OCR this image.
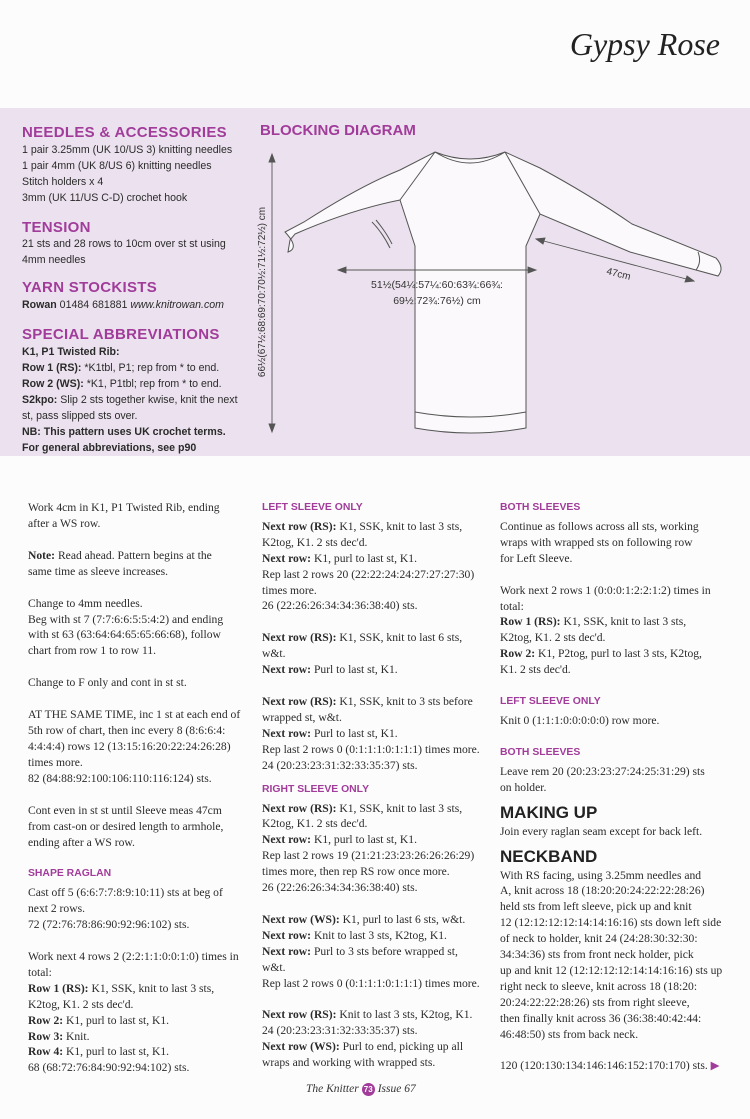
Gypsy Rose
NEEDLES & ACCESSORIES
1 pair 3.25mm (UK 10/US 3) knitting needles
1 pair 4mm (UK 8/US 6) knitting needles
Stitch holders x 4
3mm (UK 11/US C-D) crochet hook
TENSION
21 sts and 28 rows to 10cm over st st using
4mm needles
YARN STOCKISTS
Rowan 01484 681881 www.knitrowan.com
SPECIAL ABBREVIATIONS
K1, P1 Twisted Rib:
Row 1 (RS): *K1tbl, P1; rep from * to end.
Row 2 (WS): *K1, P1tbl; rep from * to end.
S2kpo: Slip 2 sts together kwise, knit the next
st, pass slipped sts over.
NB: This pattern uses UK crochet terms.
For general abbreviations, see p90
BLOCKING DIAGRAM
47cm
51½(54¼:57¼:60:63¾:66¾:
69½:72¾:76½) cm
66½(67½:68:69:70:70½:71½:72½) cm

Work 4cm in K1, P1 Twisted Rib, ending

after a WS row.

Note: Read ahead. Pattern begins at the

same time as sleeve increases.

Change to 4mm needles.

Beg with st 7 (7:7:6:6:5:5:4:2) and ending

with st 63 (63:64:64:65:65:66:68), follow

chart from row 1 to row 11.

Change to F only and cont in st st.

AT THE SAME TIME, inc 1 st at each end of

5th row of chart, then inc every 8 (8:6:6:4:

4:4:4:4) rows 12 (13:15:16:20:22:24:26:28)

times more.

82 (84:88:92:100:106:110:116:124) sts.

Cont even in st st until Sleeve meas 47cm

from cast-on or desired length to armhole,

ending after a WS row.

SHAPE RAGLAN

Cast off 5 (6:6:7:7:8:9:10:11) sts at beg of

next 2 rows.

72 (72:76:78:86:90:92:96:102) sts.

Work next 4 rows 2 (2:2:1:1:0:0:1:0) times in

total:

Row 1 (RS): K1, SSK, knit to last 3 sts,

K2tog, K1. 2 sts dec'd.

Row 2: K1, purl to last st, K1.

Row 3: Knit.

Row 4: K1, purl to last st, K1.

68 (68:72:76:84:90:92:94:102) sts.

LEFT SLEEVE ONLY

Next row (RS): K1, SSK, knit to last 3 sts,

K2tog, K1. 2 sts dec'd.

Next row: K1, purl to last st, K1.

Rep last 2 rows 20 (22:22:24:24:27:27:27:30)

times more.

26 (22:26:26:34:34:36:38:40) sts.

Next row (RS): K1, SSK, knit to last 6 sts,

w&t.

Next row: Purl to last st, K1.

Next row (RS): K1, SSK, knit to 3 sts before

wrapped st, w&t.

Next row: Purl to last st, K1.

Rep last 2 rows 0 (0:1:1:1:0:1:1:1) times more.

24 (20:23:23:31:32:33:35:37) sts.

RIGHT SLEEVE ONLY

Next row (RS): K1, SSK, knit to last 3 sts,

K2tog, K1. 2 sts dec'd.

Next row: K1, purl to last st, K1.

Rep last 2 rows 19 (21:21:23:23:26:26:26:29)

times more, then rep RS row once more.

26 (22:26:26:34:34:36:38:40) sts.

Next row (WS): K1, purl to last 6 sts, w&t.

Next row: Knit to last 3 sts, K2tog, K1.

Next row: Purl to 3 sts before wrapped st,

w&t.

Rep last 2 rows 0 (0:1:1:1:0:1:1:1) times more.

Next row (RS): Knit to last 3 sts, K2tog, K1.

24 (20:23:23:31:32:33:35:37) sts.

Next row (WS): Purl to end, picking up all

wraps and working with wrapped sts.

BOTH SLEEVES

Continue as follows across all sts, working

wraps with wrapped sts on following row

for Left Sleeve.

Work next 2 rows 1 (0:0:0:1:2:2:1:2) times in

total:

Row 1 (RS): K1, SSK, knit to last 3 sts,

K2tog, K1. 2 sts dec'd.

Row 2: K1, P2tog, purl to last 3 sts, K2tog,

K1. 2 sts dec'd.

LEFT SLEEVE ONLY

Knit 0 (1:1:1:0:0:0:0:0) row more.

BOTH SLEEVES

Leave rem 20 (20:23:23:27:24:25:31:29) sts

on holder.

MAKING UP

Join every raglan seam except for back left.

NECKBAND

With RS facing, using 3.25mm needles and

A, knit across 18 (18:20:20:24:22:22:28:26)

held sts from left sleeve, pick up and knit

12 (12:12:12:12:14:14:16:16) sts down left side

of neck to holder, knit 24 (24:28:30:32:30:

34:34:36) sts from front neck holder, pick

up and knit 12 (12:12:12:12:14:14:16:16) sts up

right neck to sleeve, knit across 18 (18:20:

20:24:22:22:28:26) sts from right sleeve,

then finally knit across 36 (36:38:40:42:44:

46:48:50) sts from back neck.

120 (120:130:134:146:146:152:170:170) sts. ▶

The Knitter 73 Issue 67
